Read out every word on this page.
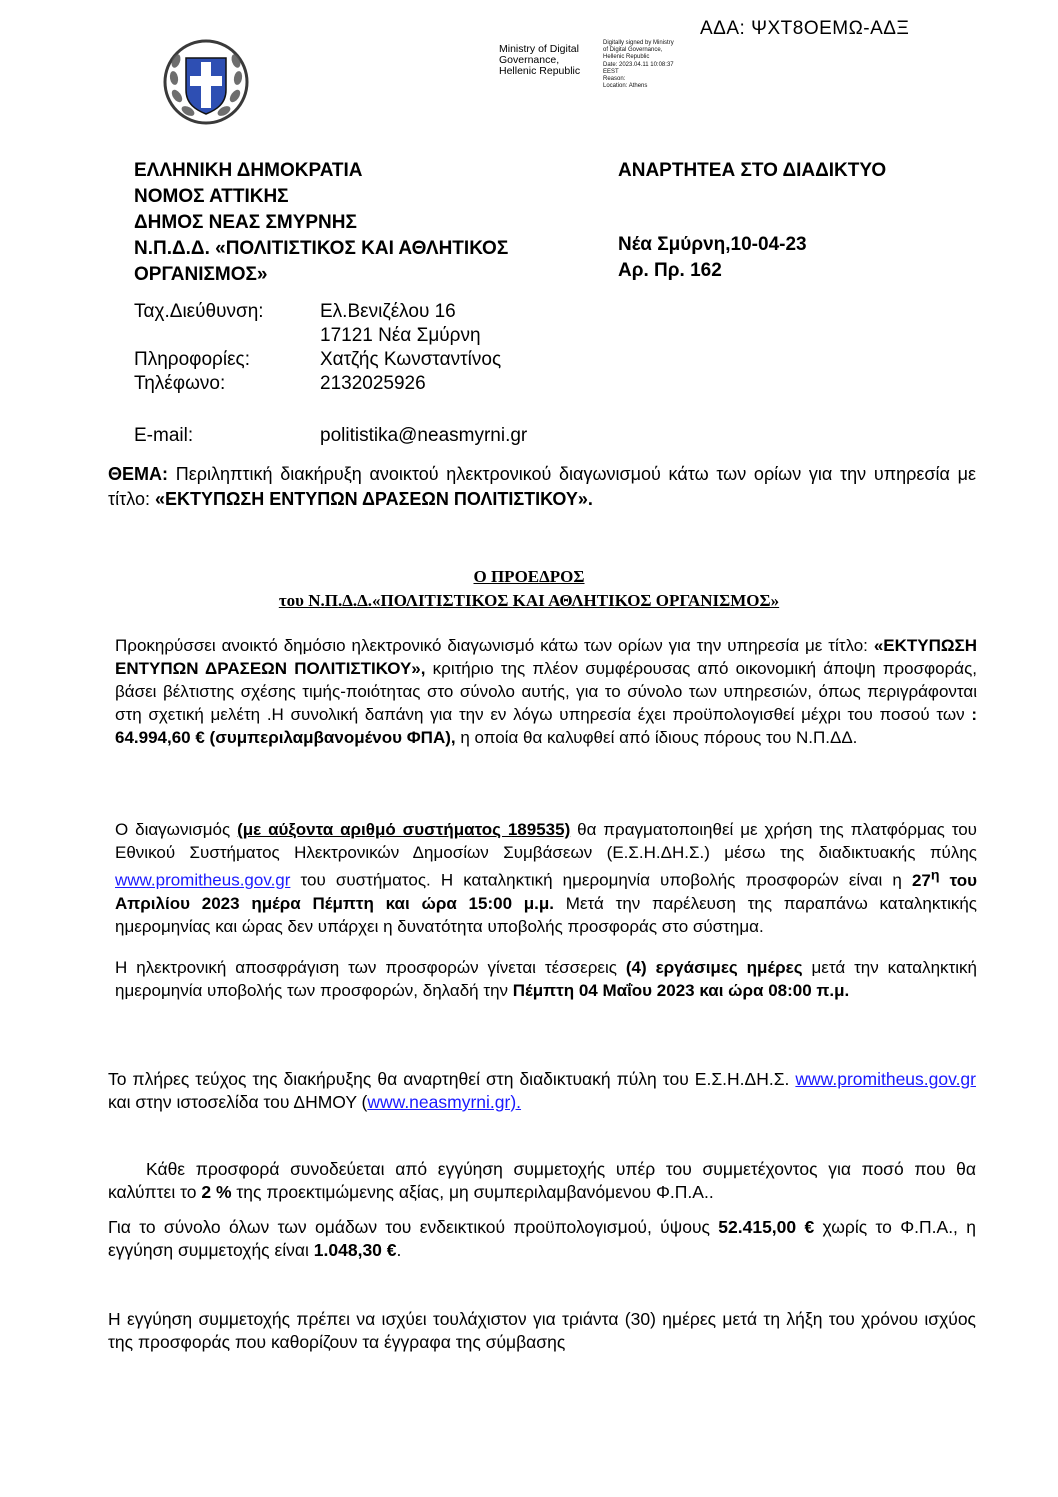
ΑΔΑ: ΨΧΤ8ΟΕΜΩ-ΑΔΞ
Ministry of Digital
Governance,
Hellenic Republic
Digitally signed by Ministry
of Digital Governance,
Hellenic Republic
Date: 2023.04.11 10:08:37
EEST
Reason:
Location: Athens
ΕΛΛΗΝΙΚΗ ΔΗΜΟΚΡΑΤΙΑ
ΝΟΜΟΣ ΑΤΤΙΚΗΣ
ΔΗΜΟΣ ΝΕΑΣ ΣΜΥΡΝΗΣ
Ν.Π.Δ.Δ. «ΠΟΛΙΤΙΣΤΙΚΟΣ ΚΑΙ ΑΘΛΗΤΙΚΟΣ
ΟΡΓΑΝΙΣΜΟΣ»
ΑΝΑΡΤΗΤΕΑ ΣΤΟ ΔΙΑΔΙΚΤΥΟ
Νέα Σμύρνη,10-04-23
Αρ. Πρ. 162
Ταχ.Διεύθυνση:	Ελ.Βενιζέλου 16
17121 Νέα Σμύρνη
Πληροφορίες:	Χατζής Κωνσταντίνος
Τηλέφωνο:	2132025926
E-mail:	politistika@neasmyrni.gr
ΘΕΜΑ: Περιληπτική διακήρυξη ανοικτού ηλεκτρονικού διαγωνισμού κάτω των ορίων για την υπηρεσία με τίτλο: «ΕΚΤΥΠΩΣΗ ΕΝΤΥΠΩΝ ΔΡΑΣΕΩΝ ΠΟΛΙΤΙΣΤΙΚΟΥ».
Ο ΠΡΟΕΔΡΟΣ
του Ν.Π.Δ.Δ.«ΠΟΛΙΤΙΣΤΙΚΟΣ ΚΑΙ ΑΘΛΗΤΙΚΟΣ ΟΡΓΑΝΙΣΜΟΣ»
Προκηρύσσει ανοικτό δημόσιο ηλεκτρονικό διαγωνισμό κάτω των ορίων για την υπηρεσία με τίτλο: «ΕΚΤΥΠΩΣΗ ΕΝΤΥΠΩΝ ΔΡΑΣΕΩΝ ΠΟΛΙΤΙΣΤΙΚΟΥ», κριτήριο της πλέον συμφέρουσας από οικονομική άποψη προσφοράς, βάσει βέλτιστης σχέσης τιμής-ποιότητας στο σύνολο αυτής, για το σύνολο των υπηρεσιών, όπως περιγράφονται στη σχετική μελέτη .Η συνολική δαπάνη για την εν λόγω υπηρεσία έχει προϋπολογισθεί μέχρι του ποσού των : 64.994,60 € (συμπεριλαμβανομένου ΦΠΑ), η οποία θα καλυφθεί από ίδιους πόρους του Ν.Π.ΔΔ.
Ο διαγωνισμός (με αύξοντα αριθμό συστήματος 189535) θα πραγματοποιηθεί με χρήση της πλατφόρμας του Εθνικού Συστήματος Ηλεκτρονικών Δημοσίων Συμβάσεων (Ε.Σ.Η.ΔΗ.Σ.) μέσω της διαδικτυακής πύλης www.promitheus.gov.gr του συστήματος. Η καταληκτική ημερομηνία υποβολής προσφορών είναι η $27^\eta$ του Απριλίου 2023 ημέρα Πέμπτη και ώρα 15:00 μ.μ. Μετά την παρέλευση της παραπάνω καταληκτικής ημερομηνίας και ώρας δεν υπάρχει η δυνατότητα υποβολής προσφοράς στο σύστημα.
Η ηλεκτρονική αποσφράγιση των προσφορών γίνεται τέσσερεις (4) εργάσιμες ημέρες μετά την καταληκτική ημερομηνία υποβολής των προσφορών, δηλαδή την Πέμπτη 04 Μαΐου 2023 και ώρα 08:00 π.μ.
Το πλήρες τεύχος της διακήρυξης θα αναρτηθεί στη διαδικτυακή πύλη του Ε.Σ.Η.ΔΗ.Σ. www.promitheus.gov.gr και στην ιστοσελίδα του ΔΗΜΟΥ (www.neasmyrni.gr).
Κάθε προσφορά συνοδεύεται από εγγύηση συμμετοχής υπέρ του συμμετέχοντος για ποσό που θα καλύπτει το 2 % της προεκτιμώμενης αξίας, μη συμπεριλαμβανόμενου Φ.Π.Α..
Για το σύνολο όλων των ομάδων του ενδεικτικού προϋπολογισμού, ύψους 52.415,00 € χωρίς το Φ.Π.Α., η εγγύηση συμμετοχής είναι 1.048,30 €.
Η εγγύηση συμμετοχής πρέπει να ισχύει τουλάχιστον για τριάντα (30) ημέρες μετά τη λήξη του χρόνου ισχύος της προσφοράς που καθορίζουν τα έγγραφα της σύμβασης
